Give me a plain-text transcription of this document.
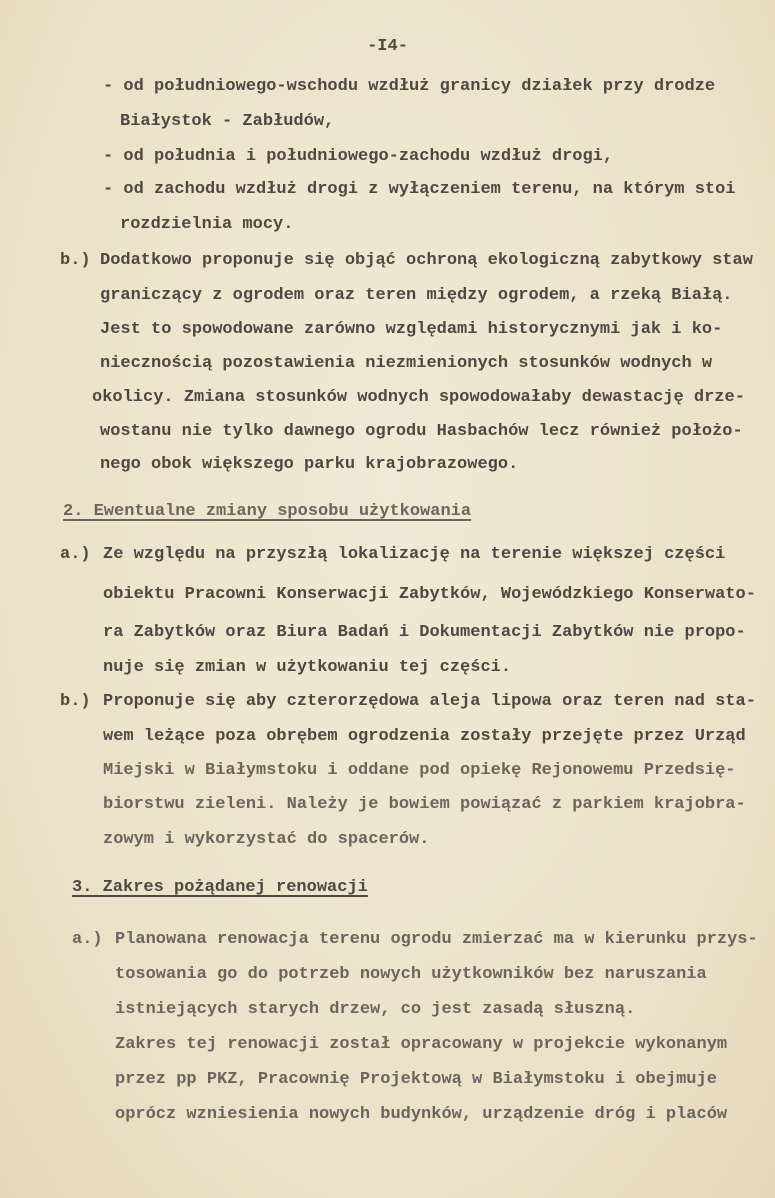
-I4-
- od południowego-wschodu wzdłuż granicy działek przy drodze
Białystok - Zabłudów,
- od południa i południowego-zachodu wzdłuż drogi,
- od zachodu wzdłuż drogi z wyłączeniem terenu, na którym stoi
rozdzielnia mocy.
b.) Dodatkowo proponuje się objąć ochroną ekologiczną zabytkowy staw
graniczący z ogrodem oraz teren między ogrodem, a rzeką Białą.
Jest to spowodowane zarówno względami historycznymi jak i ko-
niecznością pozostawienia niezmienionych stosunków wodnych w
okolicy. Zmiana stosunków wodnych spowodowałaby dewastację drze-
wostanu nie tylko dawnego ogrodu Hasbachów lecz również położo-
nego obok większego parku krajobrazowego.
2. Ewentualne zmiany sposobu użytkowania
a.) Ze względu na przyszłą lokalizację na terenie większej części
obiektu Pracowni Konserwacji Zabytków, Wojewódzkiego Konserwato-
ra Zabytków oraz Biura Badań i Dokumentacji Zabytków nie propo-
nuje się zmian w użytkowaniu tej części.
b.) Proponuje się aby czterorzędowa aleja lipowa oraz teren nad sta-
wem leżące poza obrębem ogrodzenia zostały przejęte przez Urząd
Miejski w Białymstoku i oddane pod opiekę Rejonowemu Przedsię-
biorstwu zieleni. Należy je bowiem powiązać z parkiem krajobra-
zowym i wykorzystać do spacerów.
3. Zakres pożądanej renowacji
a.) Planowana renowacja terenu ogrodu zmierzać ma w kierunku przys-
tosowania go do potrzeb nowych użytkowników bez naruszania
istniejących starych drzew, co jest zasadą słuszną.
Zakres tej renowacji został opracowany w projekcie wykonanym
przez pp PKZ, Pracownię Projektową w Białymstoku i obejmuje
oprócz wzniesienia nowych budynków, urządzenie dróg i placów
